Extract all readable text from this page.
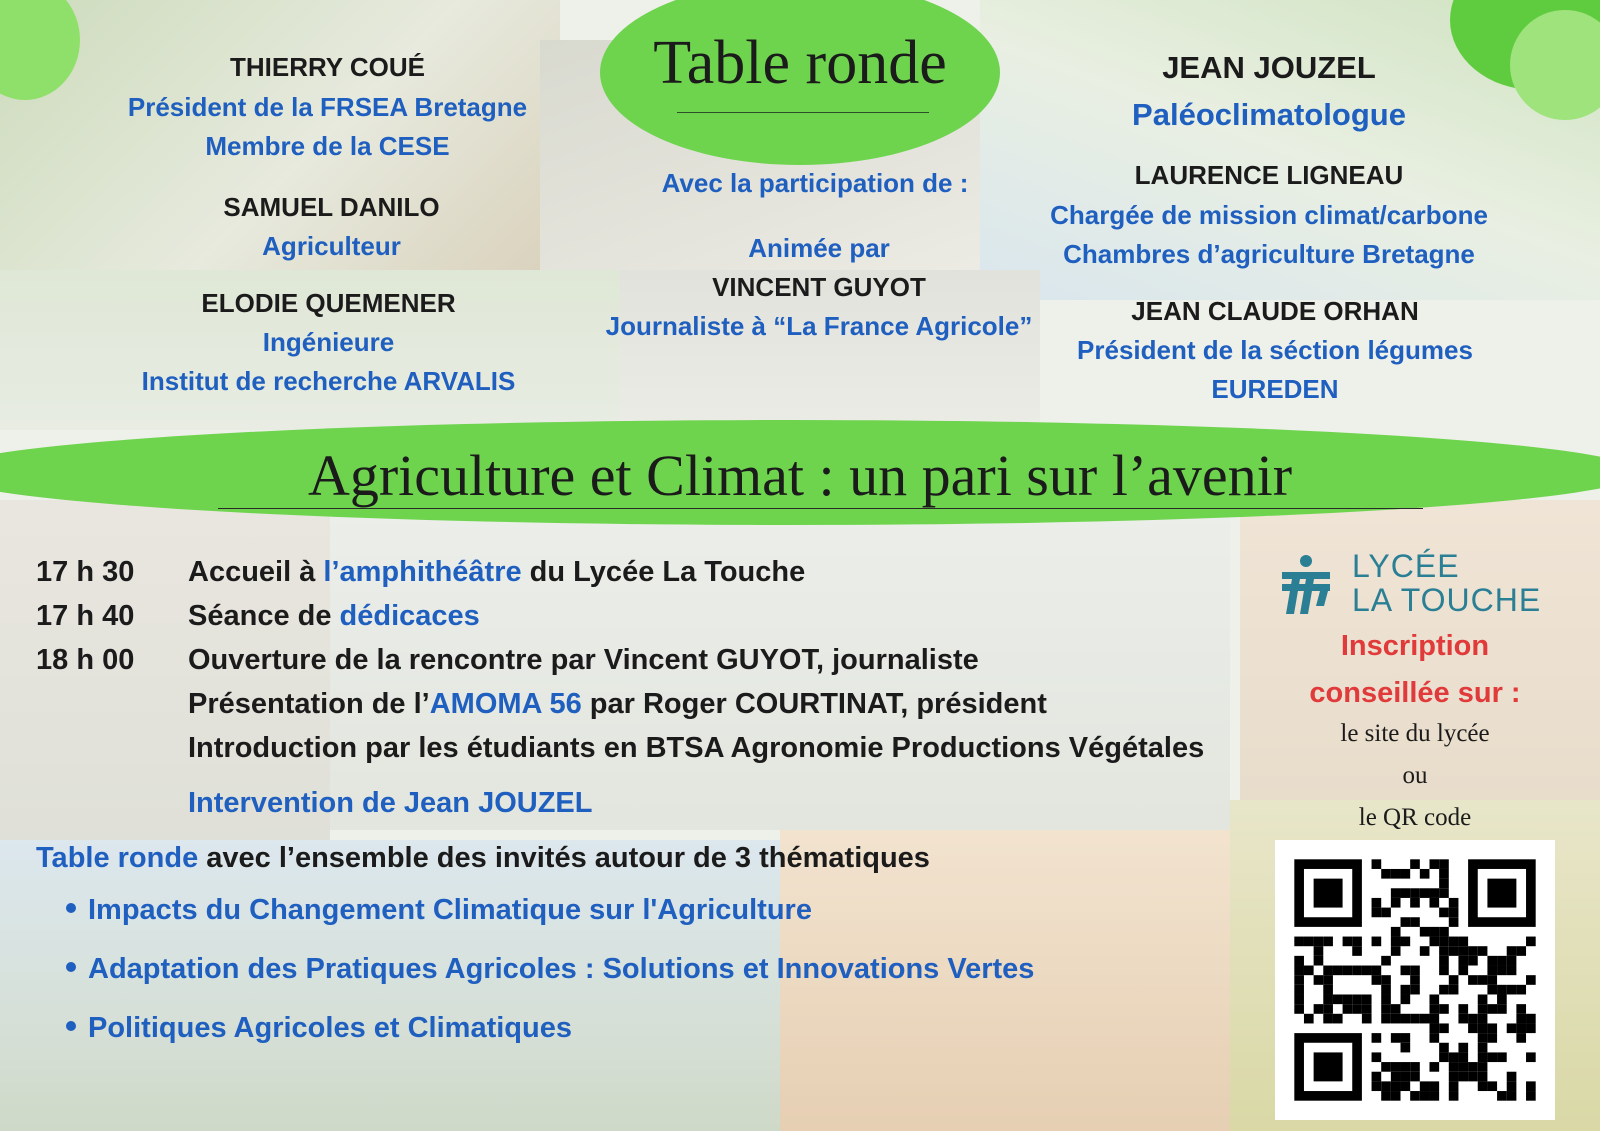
Table ronde
Avec la participation de :
THIERRY COUÉ
Président de la FRSEA Bretagne
Membre de la CESE
SAMUEL DANILO
Agriculteur
ELODIE QUEMENER
Ingénieure
Institut de recherche ARVALIS
Animée par
VINCENT GUYOT
Journaliste à “La France Agricole”
JEAN JOUZEL
Paléoclimatologue
LAURENCE LIGNEAU
Chargée de mission climat/carbone
Chambres d’agriculture Bretagne
JEAN CLAUDE ORHAN
Président de la séction légumes
EUREDEN
Agriculture et Climat : un pari sur l’avenir
17 h 30 Accueil à l’amphithéâtre du Lycée La Touche
17 h 40 Séance de dédicaces
18 h 00 Ouverture de la rencontre par Vincent GUYOT, journaliste
Présentation de l’AMOMA 56 par Roger COURTINAT, président
Introduction par les étudiants en BTSA Agronomie Productions Végétales
Intervention de Jean JOUZEL
Table ronde avec l’ensemble des invités autour de 3 thématiques
Impacts du Changement Climatique sur l'Agriculture
Adaptation des Pratiques Agricoles : Solutions et Innovations Vertes
Politiques Agricoles et Climatiques
LYCÉE
LA TOUCHE
Inscription
conseillée sur :
le site du lycée
ou
le QR code
